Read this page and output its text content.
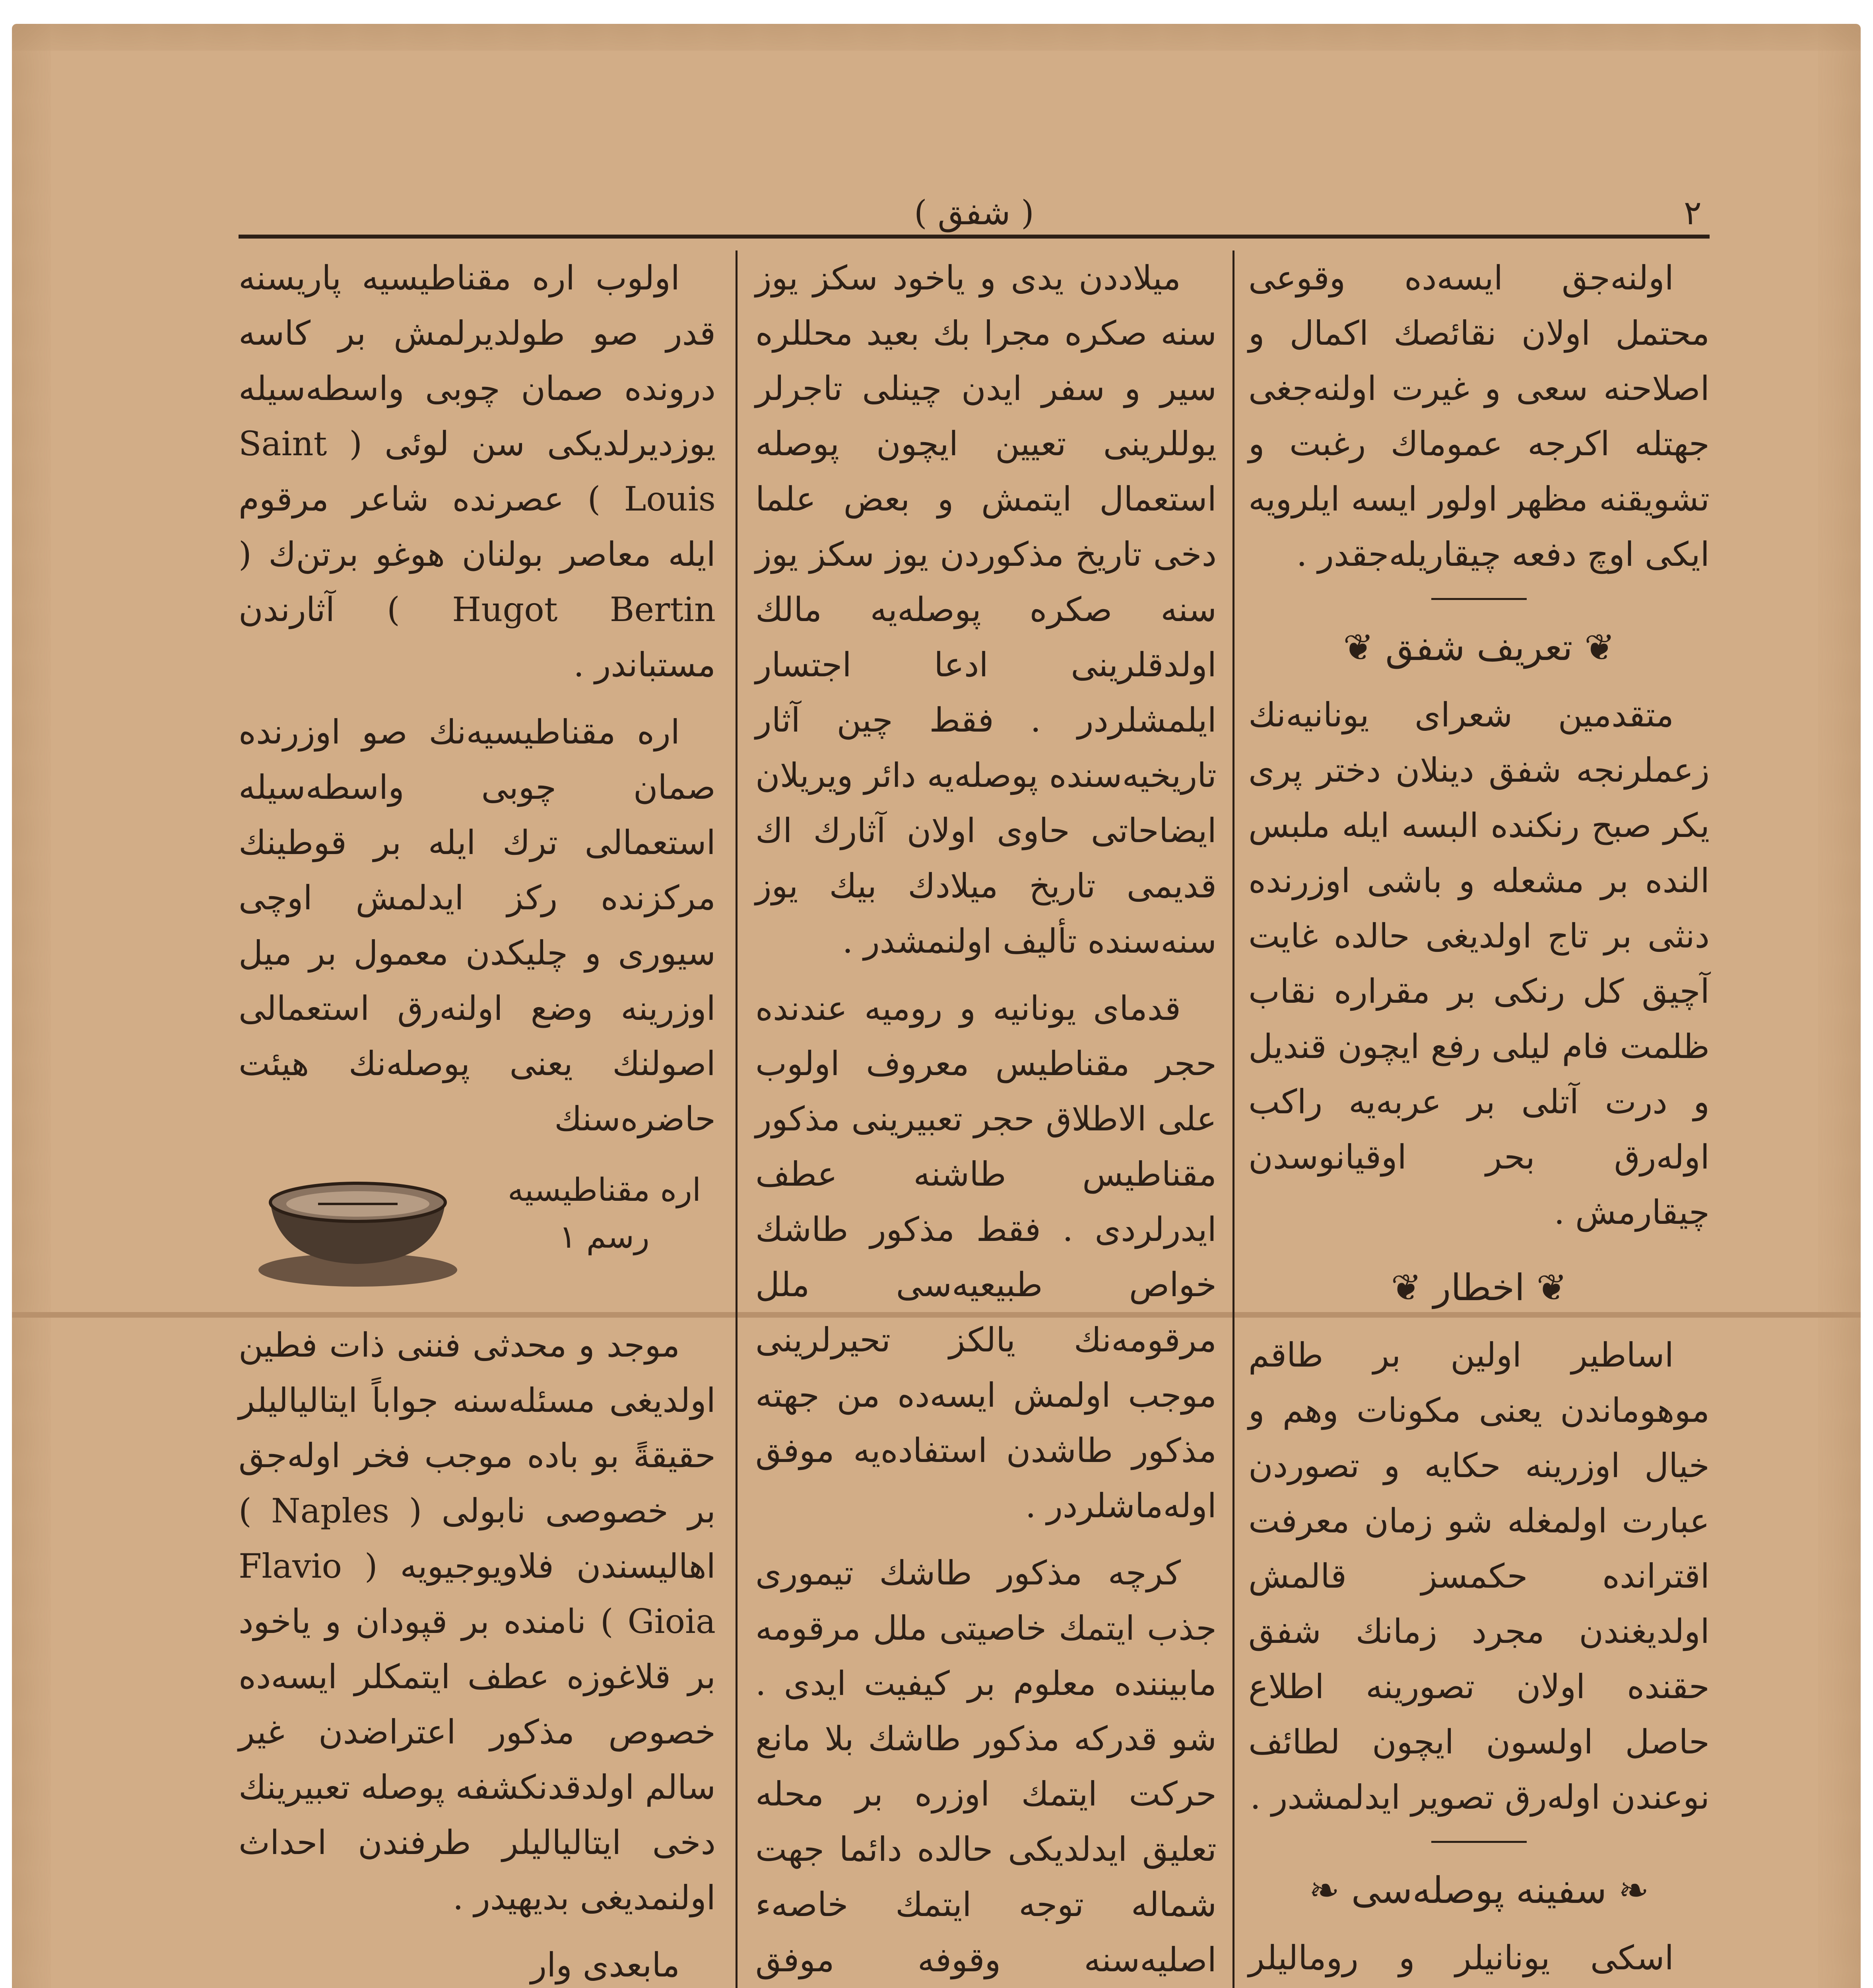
( شفق )	٢

اولنەجق ایسەدە وقوعی محتمل اولان نقائصك اكمال و اصلاحنه سعی و غیرت اولنەجغی جهتله اكرجه عموماك رغبت و تشویقنه مظهر اولور ایسه ایلرویه ایکی اوچ دفعه چیقاریله‌جقدر .

❦ تعریف شفق ❦

متقدمین شعرای یونانیەنك زعملرنجه شفق دینلان دختر پری یکر صبح رنکندە البسه ایله ملبس الندە بر مشعله و باشی اوزرندە دنثی بر تاج اولدیغی حالدە غایت آچیق کل رنکی بر مقراره نقاب ظلمت فام لیلی رفع ایچون قندیل و درت آتلی بر عربەیه راکب اولەرق بحر اوقیانوسدن چیقارمش .

❦ اخطار ❦

اساطیر اولین بر طاقم موهوماندن یعنی مکونات وهم و خیال اوزرینه حکایه و تصوردن عبارت اولمغله شو زمان معرفت اقترانده حکمسز قالمش اولدیغندن مجرد زمانك شفق حقنده اولان تصورینه اطلاع حاصل اولسون ایچون لطائف نوعندن اولەرق تصویر ایدلمشدر .

❧ سفینه پوصلەسی ❧

اسکی یونانیلر و روماليلر

میلاددن یدی و یاخود سکز یوز سنه صکره مجرا بك بعید محللرە سیر و سفر ایدن چینلی تاجرلر یوللرینی تعیین ایچون پوصله استعمال ایتمش و بعض علما دخی تاریخ مذکوردن یوز سکز یوز سنه صکره پوصلەیه مالك اولدقلرینی ادعا اجتسار ایلمشلردر . فقط چین آثار تاریخیه‌سنده پوصلەیه دائر ویریلان ایضاحاتی حاوی اولان آثارك اك قدیمی تاریخ میلادك بیك یوز سنه‌سنده تألیف اولنمشدر .

قدمای یونانیه و رومیه عندنده حجر مقناطیس معروف اولوب علی الاطلاق حجر تعبیرینی مذکور مقناطیس طاشنه عطف ایدرلردی . فقط مذکور طاشك خواص طبیعیه‌سی ملل مرقومەنك یالکز تحیرلرینی موجب اولمش ایسەده من جهته مذکور طاشدن استفادەیه موفق اوله‌ماشلردر .

کرچه مذکور طاشك تیموری جذب ایتمك خاصیتی ملل مرقومه مابیننده معلوم بر کیفیت ایدی . شو قدرکه مذکور طاشك بلا مانع حرکت ایتمك اوزرە بر محله تعلیق ایدلدیکی حالده دائما جهت شماله توجه ایتمك خاصه‌ء اصلیه‌سنه وقوفه موفق

اولوب ارە مقناطیسیه پاریسنه قدر صو طولدیرلمش بر کاسه درونده صمان چوبی واسطه‌سیله یوزدیرلدیکی سن لوئی ( Saint Louis ) عصرنده شاعر مرقوم ایله معاصر بولنان هوغو برتن‌ك ( Hugot Bertin ) آثارندن مستباندر .

ارە مقناطیسیه‌نك صو اوزرنده صمان چوبی واسطه‌سیله استعمالی ترك ایله بر قوطینك مرکزنده رکز ایدلمش اوچی سیوری و چلیكدن معمول بر میل اوزرینه وضع اولنەرق استعمالی اصولنك یعنی پوصلەنك هیئت حاضره‌سنك

ارە مقناطیسیه
رسم ١

موجد و محدثی فننی ذات فطین اولدیغی مسئلەسنه جواباً ایتالیالیلر حقیقةً بو باده موجب فخر اوله‌جق بر خصوصی نابولی ( Naples ) اهالیسندن فلاویوجیویە ( Flavio Gioia ) نامنده بر قپودان و یاخود بر قلاغوزه عطف ایتمکلر ایسەده خصوص مذکور اعتراضدن غیر سالم اولدقدنکشفه پوصلە تعبیرینك دخی ایتالیالیلر طرفندن احداث اولنمدیغی بدیهیدر .

مابعدی وار
